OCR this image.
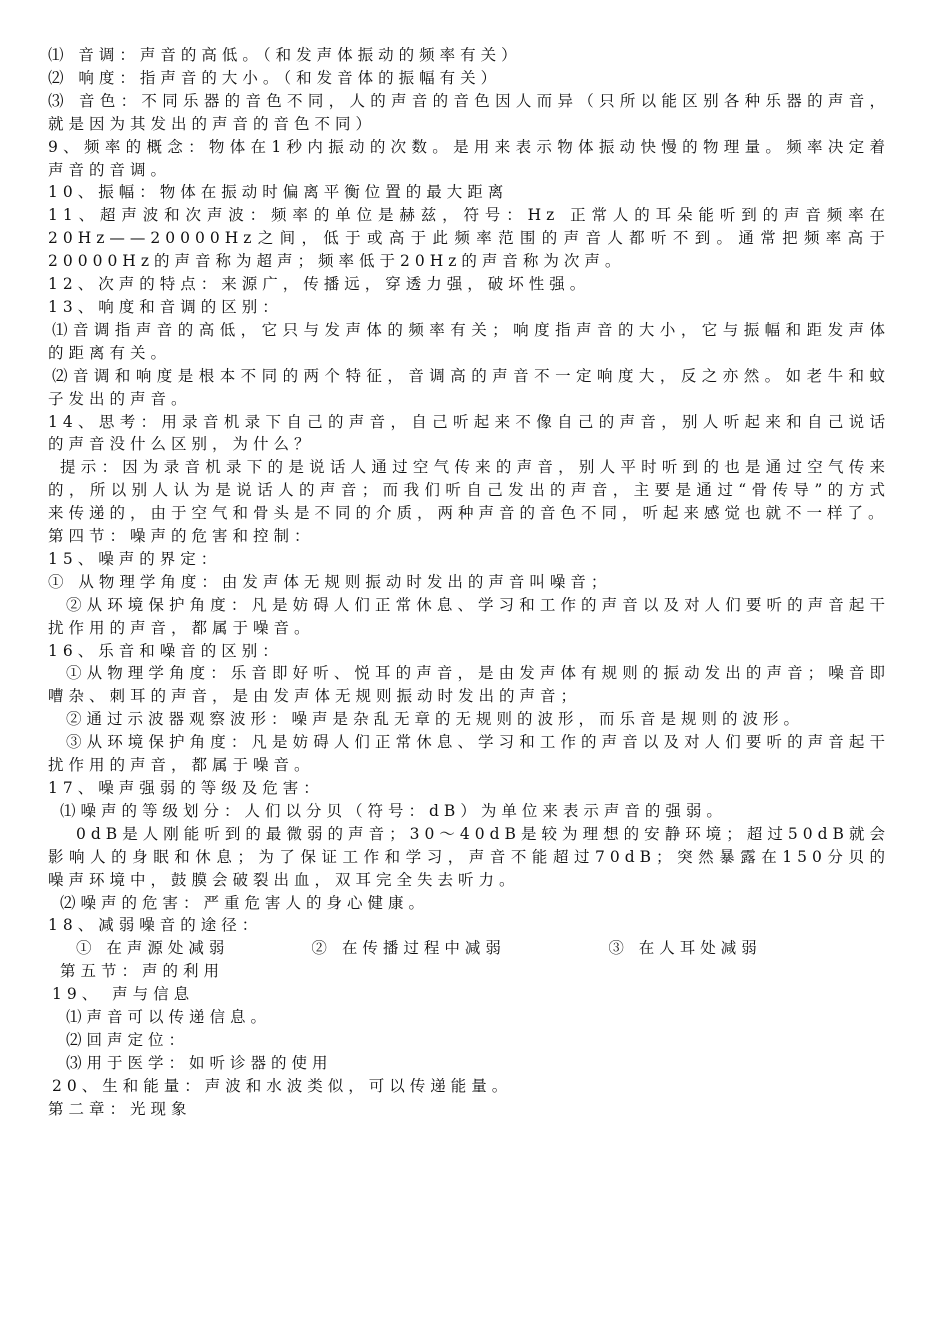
⑴ 音调：声音的高低。（和发声体振动的频率有关）

⑵ 响度：指声音的大小。（和发音体的振幅有关）

⑶ 音色：不同乐器的音色不同，人的声音的音色因人而异（只所以能区别各种乐器的声音，就是因为其发出的声音的音色不同）

9、频率的概念：物体在1秒内振动的次数。是用来表示物体振动快慢的物理量。频率决定着声音的音调。

10、振幅：物体在振动时偏离平衡位置的最大距离

11、超声波和次声波：频率的单位是赫兹，符号：Hz 正常人的耳朵能听到的声音频率在20Hz——20000Hz之间，低于或高于此频率范围的声音人都听不到。通常把频率高于20000Hz的声音称为超声；频率低于20Hz的声音称为次声。

12、次声的特点：来源广，传播远，穿透力强，破坏性强。

13、响度和音调的区别：

⑴音调指声音的高低，它只与发声体的频率有关；响度指声音的大小，它与振幅和距发声体的距离有关。

⑵音调和响度是根本不同的两个特征，音调高的声音不一定响度大，反之亦然。如老牛和蚊子发出的声音。

14、思考：用录音机录下自己的声音，自己听起来不像自己的声音，别人听起来和自己说话的声音没什么区别，为什么？

提示：因为录音机录下的是说话人通过空气传来的声音，别人平时听到的也是通过空气传来的，所以别人认为是说话人的声音；而我们听自己发出的声音，主要是通过“骨传导”的方式来传递的，由于空气和骨头是不同的介质，两种声音的音色不同，听起来感觉也就不一样了。

第四节：噪声的危害和控制：

15、噪声的界定：

① 从物理学角度：由发声体无规则振动时发出的声音叫噪音；

②从环境保护角度：凡是妨碍人们正常休息、学习和工作的声音以及对人们要听的声音起干扰作用的声音，都属于噪音。

16、乐音和噪音的区别：

①从物理学角度：乐音即好听、悦耳的声音，是由发声体有规则的振动发出的声音；噪音即嘈杂、刺耳的声音，是由发声体无规则振动时发出的声音；

②通过示波器观察波形：噪声是杂乱无章的无规则的波形，而乐音是规则的波形。

③从环境保护角度：凡是妨碍人们正常休息、学习和工作的声音以及对人们要听的声音起干扰作用的声音，都属于噪音。

17、噪声强弱的等级及危害：

⑴噪声的等级划分：人们以分贝（符号：dB）为单位来表示声音的强弱。

0dB是人刚能听到的最微弱的声音；30～40dB是较为理想的安静环境；超过50dB就会影响人的身眠和休息；为了保证工作和学习，声音不能超过70dB；突然暴露在150分贝的噪声环境中，鼓膜会破裂出血，双耳完全失去听力。

⑵噪声的危害：严重危害人的身心健康。

18、减弱噪音的途径：

① 在声源处减弱　　　　② 在传播过程中减弱　　　　　③ 在人耳处减弱

第五节：声的利用

19、 声与信息

⑴声音可以传递信息。

⑵回声定位：

⑶用于医学：如听诊器的使用

20、生和能量：声波和水波类似，可以传递能量。

第二章：光现象
